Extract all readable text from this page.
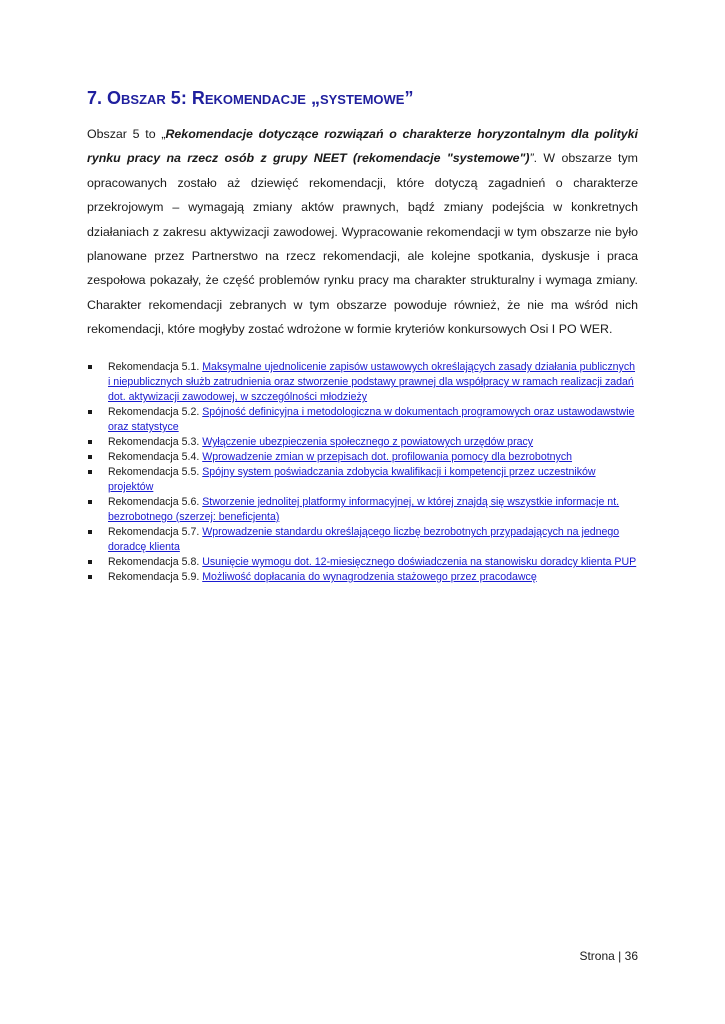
7. Obszar 5: Rekomendacje „systemowe”

Obszar 5 to „Rekomendacje dotyczące rozwiązań o charakterze horyzontalnym dla polityki rynku pracy na rzecz osób z grupy NEET (rekomendacje "systemowe")”. W obszarze tym opracowanych zostało aż dziewięć rekomendacji, które dotyczą zagadnień o charakterze przekrojowym – wymagają zmiany aktów prawnych, bądź zmiany podejścia w konkretnych działaniach z zakresu aktywizacji zawodowej. Wypracowanie rekomendacji w tym obszarze nie było planowane przez Partnerstwo na rzecz rekomendacji, ale kolejne spotkania, dyskusje i praca zespołowa pokazały, że część problemów rynku pracy ma charakter strukturalny i wymaga zmiany. Charakter rekomendacji zebranych w tym obszarze powoduje również, że nie ma wśród nich rekomendacji, które mogłyby zostać wdrożone w formie kryteriów konkursowych Osi I PO WER.

Rekomendacja 5.1. Maksymalne ujednolicenie zapisów ustawowych określających zasady działania publicznych i niepublicznych służb zatrudnienia oraz stworzenie podstawy prawnej dla współpracy w ramach realizacji zadań dot. aktywizacji zawodowej, w szczególności młodzieży
Rekomendacja 5.2. Spójność definicyjna i metodologiczna w dokumentach programowych oraz ustawodawstwie oraz statystyce
Rekomendacja 5.3. Wyłączenie ubezpieczenia społecznego z powiatowych urzędów pracy
Rekomendacja 5.4. Wprowadzenie zmian w przepisach dot. profilowania pomocy dla bezrobotnych
Rekomendacja 5.5. Spójny system poświadczania zdobycia kwalifikacji i kompetencji przez uczestników projektów
Rekomendacja 5.6. Stworzenie jednolitej platformy informacyjnej, w której znajdą się wszystkie informacje nt. bezrobotnego (szerzej: beneficjenta)
Rekomendacja 5.7. Wprowadzenie standardu określającego liczbę bezrobotnych przypadających na jednego doradcę klienta
Rekomendacja 5.8. Usunięcie wymogu dot. 12-miesięcznego doświadczenia na stanowisku doradcy klienta PUP
Rekomendacja 5.9. Możliwość dopłacania do wynagrodzenia stażowego przez pracodawcę
Strona | 36
